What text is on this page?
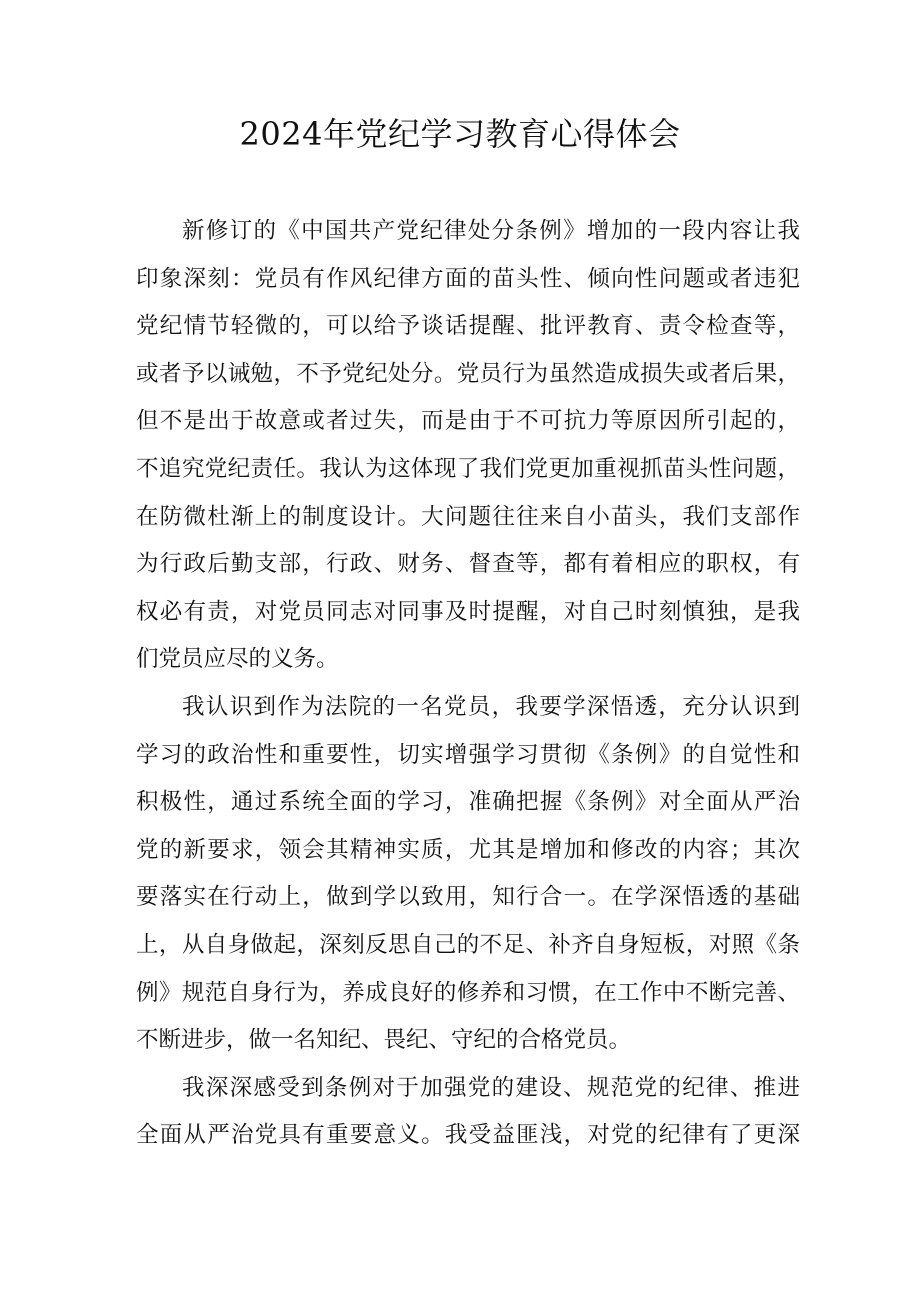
2024年党纪学习教育心得体会
新修订的《中国共产党纪律处分条例》增加的一段内容让我
印象深刻：党员有作风纪律方面的苗头性、倾向性问题或者违犯
党纪情节轻微的，可以给予谈话提醒、批评教育、责令检查等，
或者予以诫勉，不予党纪处分。党员行为虽然造成损失或者后果，
但不是出于故意或者过失，而是由于不可抗力等原因所引起的，
不追究党纪责任。我认为这体现了我们党更加重视抓苗头性问题，
在防微杜渐上的制度设计。大问题往往来自小苗头，我们支部作
为行政后勤支部，行政、财务、督查等，都有着相应的职权，有
权必有责，对党员同志对同事及时提醒，对自己时刻慎独，是我
们党员应尽的义务。
我认识到作为法院的一名党员，我要学深悟透，充分认识到
学习的政治性和重要性，切实增强学习贯彻《条例》的自觉性和
积极性，通过系统全面的学习，准确把握《条例》对全面从严治
党的新要求，领会其精神实质，尤其是增加和修改的内容；其次
要落实在行动上，做到学以致用，知行合一。在学深悟透的基础
上，从自身做起，深刻反思自己的不足、补齐自身短板，对照《条
例》规范自身行为，养成良好的修养和习惯，在工作中不断完善、
不断进步，做一名知纪、畏纪、守纪的合格党员。
我深深感受到条例对于加强党的建设、规范党的纪律、推进
全面从严治党具有重要意义。我受益匪浅，对党的纪律有了更深
